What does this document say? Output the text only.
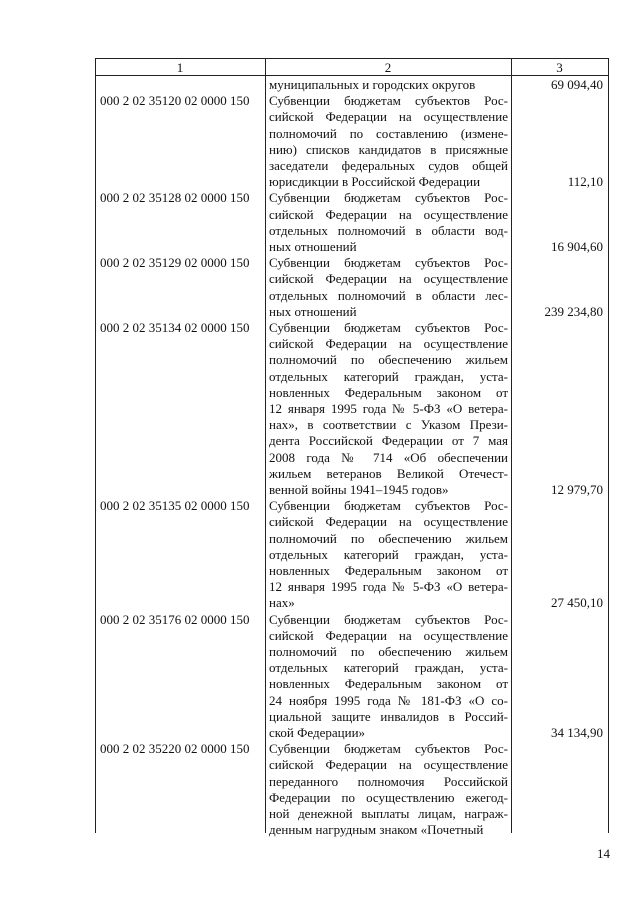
1	2	3
муниципальных и городских округов	69 094,40
000 2 02 35120 02 0000 150 Субвенции бюджетам субъектов Рос-
сийской Федерации на осуществление
полномочий по составлению (измене-
нию) списков кандидатов в присяжные
заседатели федеральных судов общей
юрисдикции в Российской Федерации	112,10
000 2 02 35128 02 0000 150 Субвенции бюджетам субъектов Рос-
сийской Федерации на осуществление
отдельных полномочий в области вод-
ных отношений	16 904,60
000 2 02 35129 02 0000 150 Субвенции бюджетам субъектов Рос-
сийской Федерации на осуществление
отдельных полномочий в области лес-
ных отношений	239 234,80
000 2 02 35134 02 0000 150 Субвенции бюджетам субъектов Рос-
сийской Федерации на осуществление
полномочий по обеспечению жильем
отдельных категорий граждан, уста-
новленных Федеральным законом от
12 января 1995 года № 5-ФЗ «О ветера-
нах», в соответствии с Указом Прези-
дента Российской Федерации от 7 мая
2008 года № 714 «Об обеспечении
жильем ветеранов Великой Отечест-
венной войны 1941–1945 годов»	12 979,70
000 2 02 35135 02 0000 150 Субвенции бюджетам субъектов Рос-
сийской Федерации на осуществление
полномочий по обеспечению жильем
отдельных категорий граждан, уста-
новленных Федеральным законом от
12 января 1995 года № 5-ФЗ «О ветера-
нах»	27 450,10
000 2 02 35176 02 0000 150 Субвенции бюджетам субъектов Рос-
сийской Федерации на осуществление
полномочий по обеспечению жильем
отдельных категорий граждан, уста-
новленных Федеральным законом от
24 ноября 1995 года № 181-ФЗ «О со-
циальной защите инвалидов в Россий-
ской Федерации»	34 134,90
000 2 02 35220 02 0000 150 Субвенции бюджетам субъектов Рос-
сийской Федерации на осуществление
переданного полномочия Российской
Федерации по осуществлению ежегод-
ной денежной выплаты лицам, награж-
денным нагрудным знаком «Почетный
14
